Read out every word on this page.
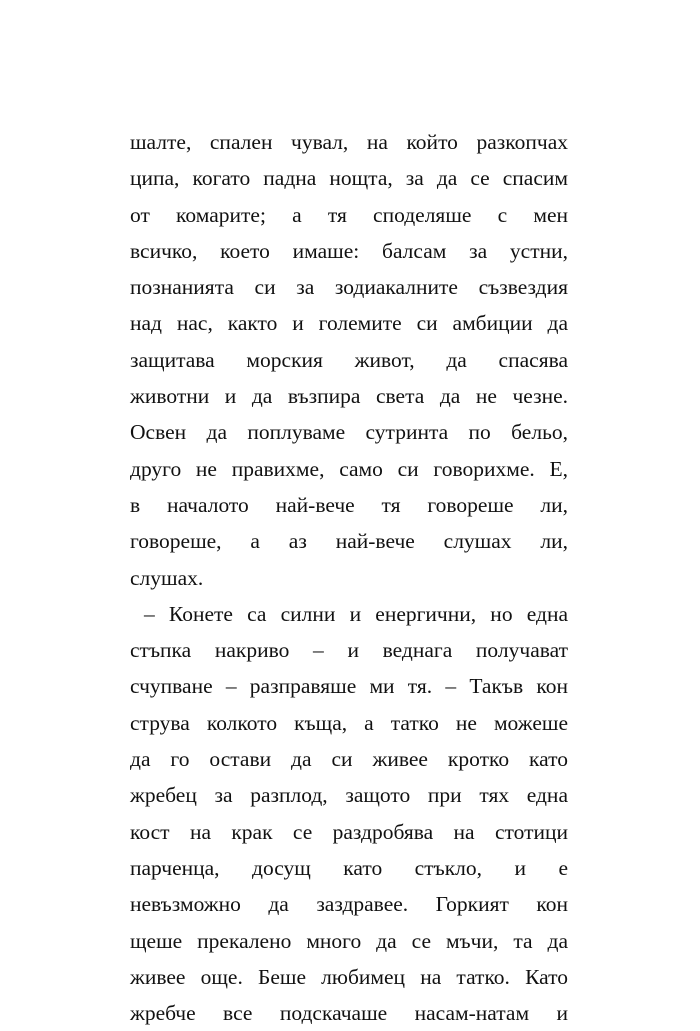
шалте, спален чувал, на който разкопчах
ципа, когато падна нощта, за да се спасим
от комарите; а тя споделяше с мен
всичко, което имаше: балсам за устни,
познанията си за зодиакалните съзвездия
над нас, както и големите си амбиции да
защитава морския живот, да спасява
животни и да възпира света да не чезне.
Освен да поплуваме сутринта по бельо,
друго не правихме, само си говорихме. Е,
в началото най-вече тя говореше ли,
говореше, а аз най-вече слушах ли,
слушах.
– Конете са силни и енергични, но една
стъпка накриво – и веднага получават
счупване – разправяше ми тя. – Такъв кон
струва колкото къща, а татко не можеше
да го остави да си живее кротко като
жребец за разплод, защото при тях една
кост на крак се раздробява на стотици
парченца, досущ като стъкло, и е
невъзможно да заздравее. Горкият кон
щеше прекалено много да се мъчи, та да
живее още. Беше любимец на татко. Като
жребче все подскачаше насам-натам и
